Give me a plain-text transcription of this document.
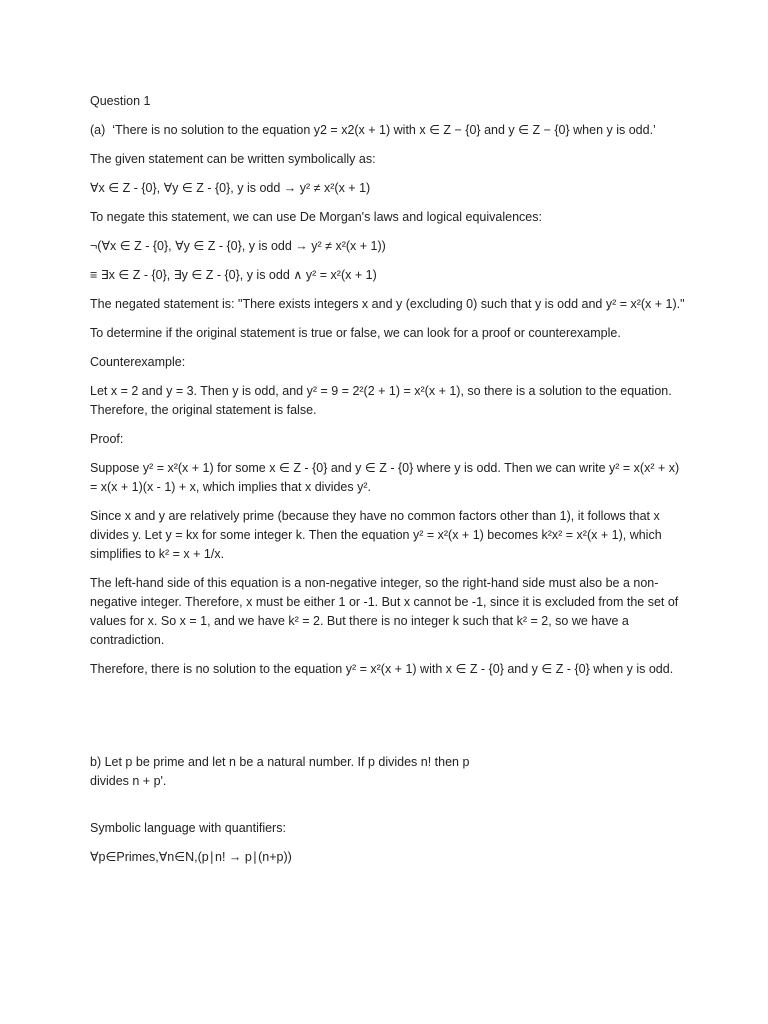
Question 1

(a)  ‘There is no solution to the equation y2 = x2(x + 1) with x ∈ Z − {0} and y ∈ Z − {0} when y is odd.’

The given statement can be written symbolically as:

∀x ∈ Z - {0}, ∀y ∈ Z - {0}, y is odd → y² ≠ x²(x + 1)

To negate this statement, we can use De Morgan's laws and logical equivalences:

¬(∀x ∈ Z - {0}, ∀y ∈ Z - {0}, y is odd → y² ≠ x²(x + 1))

≡ ∃x ∈ Z - {0}, ∃y ∈ Z - {0}, y is odd ∧ y² = x²(x + 1)

The negated statement is: "There exists integers x and y (excluding 0) such that y is odd and y² = x²(x + 1)."

To determine if the original statement is true or false, we can look for a proof or counterexample.

Counterexample:

Let x = 2 and y = 3. Then y is odd, and y² = 9 = 2²(2 + 1) = x²(x + 1), so there is a solution to the equation. Therefore, the original statement is false.

Proof:

Suppose y² = x²(x + 1) for some x ∈ Z - {0} and y ∈ Z - {0} where y is odd. Then we can write y² = x(x² + x) = x(x + 1)(x - 1) + x, which implies that x divides y².

Since x and y are relatively prime (because they have no common factors other than 1), it follows that x divides y. Let y = kx for some integer k. Then the equation y² = x²(x + 1) becomes k²x² = x²(x + 1), which simplifies to k² = x + 1/x.

The left-hand side of this equation is a non-negative integer, so the right-hand side must also be a non-negative integer. Therefore, x must be either 1 or -1. But x cannot be -1, since it is excluded from the set of values for x. So x = 1, and we have k² = 2. But there is no integer k such that k² = 2, so we have a contradiction.

Therefore, there is no solution to the equation y² = x²(x + 1) with x ∈ Z - {0} and y ∈ Z - {0} when y is odd.

b) Let p be prime and let n be a natural number. If p divides n! then p
divides n + p'.

Symbolic language with quantifiers:

∀p∈Primes,∀n∈N,(p∣n! → p∣(n+p))
